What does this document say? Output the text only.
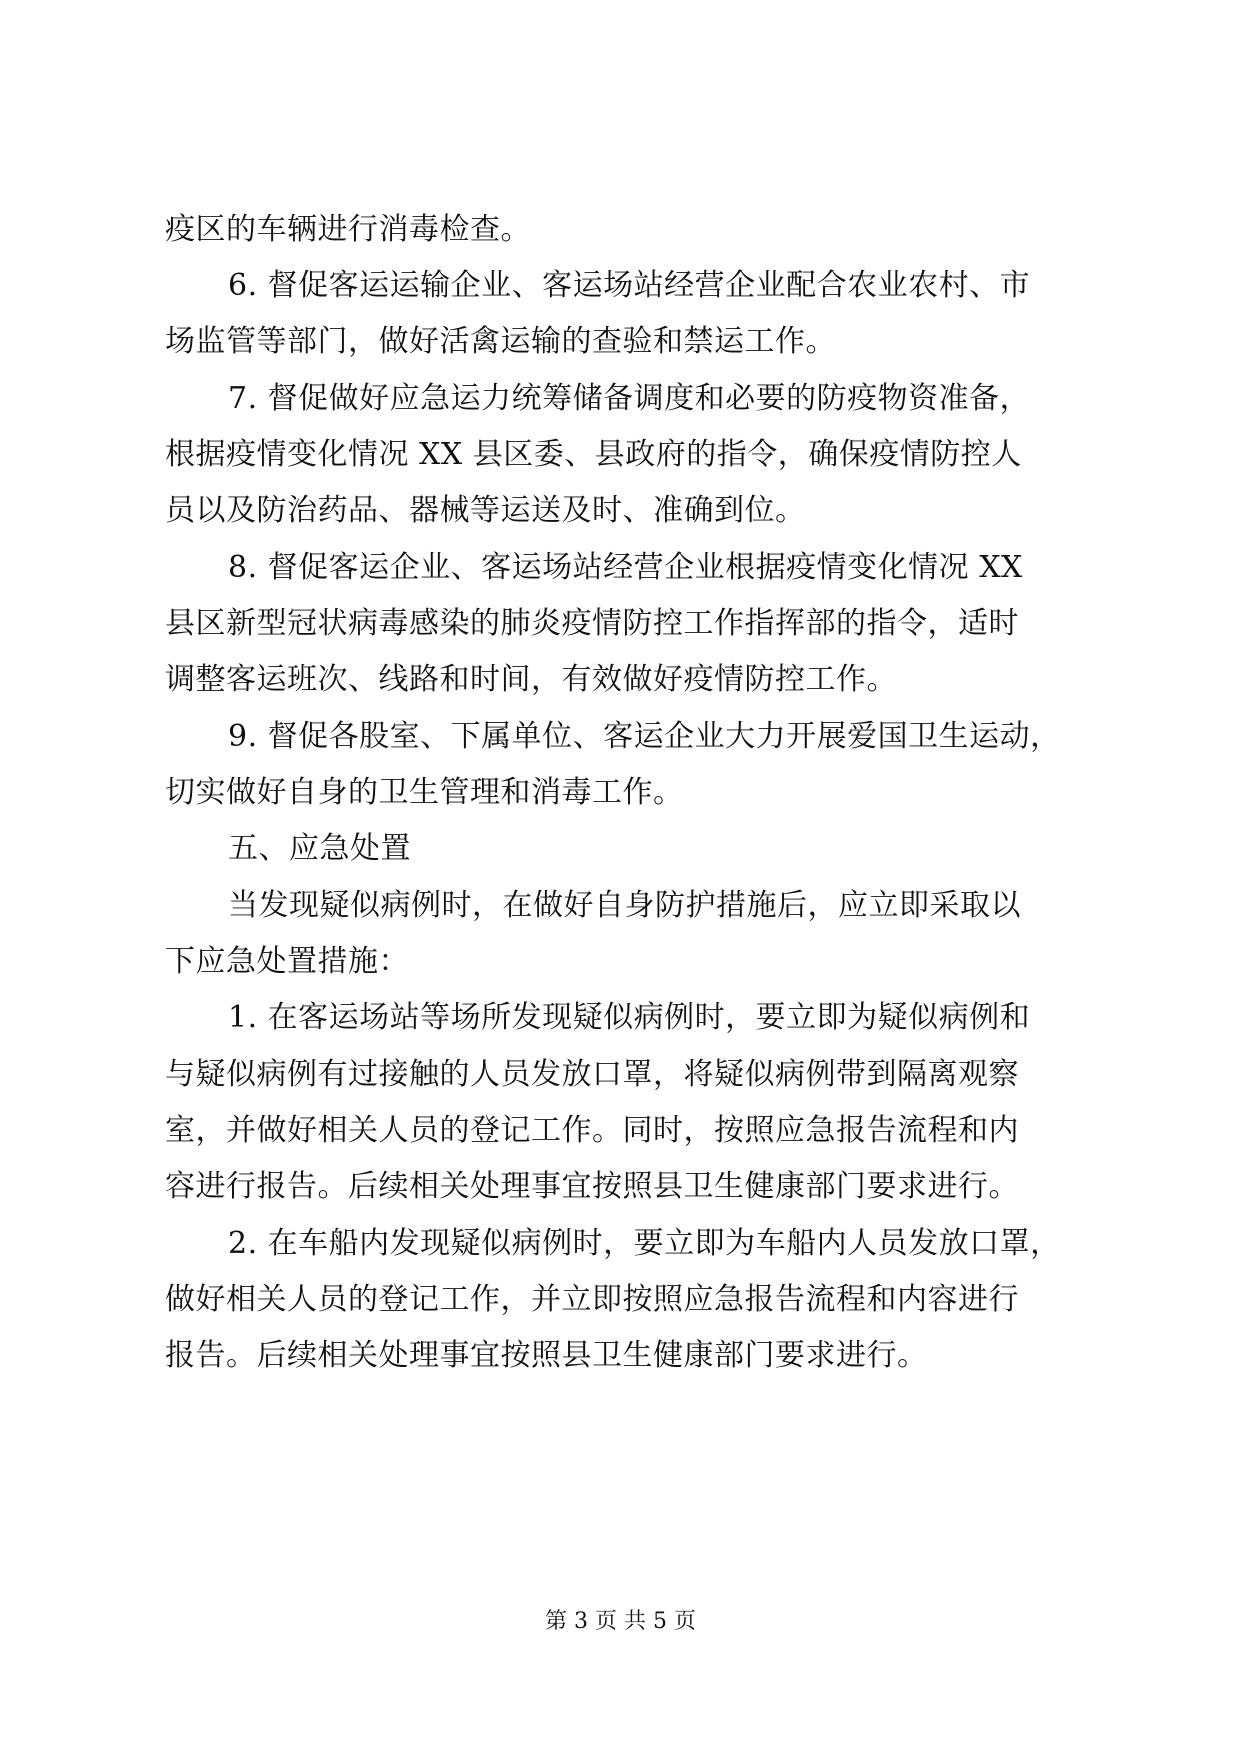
疫区的车辆进行消毒检查。
6. 督促客运运输企业、客运场站经营企业配合农业农村、市
场监管等部门，做好活禽运输的查验和禁运工作。
7. 督促做好应急运力统筹储备调度和必要的防疫物资准备，
根据疫情变化情况 XX 县区委、县政府的指令，确保疫情防控人
员以及防治药品、器械等运送及时、准确到位。
8. 督促客运企业、客运场站经营企业根据疫情变化情况 XX
县区新型冠状病毒感染的肺炎疫情防控工作指挥部的指令，适时
调整客运班次、线路和时间，有效做好疫情防控工作。
9. 督促各股室、下属单位、客运企业大力开展爱国卫生运动，
切实做好自身的卫生管理和消毒工作。
五、应急处置
当发现疑似病例时，在做好自身防护措施后，应立即采取以
下应急处置措施：
1. 在客运场站等场所发现疑似病例时，要立即为疑似病例和
与疑似病例有过接触的人员发放口罩，将疑似病例带到隔离观察
室，并做好相关人员的登记工作。同时，按照应急报告流程和内
容进行报告。后续相关处理事宜按照县卫生健康部门要求进行。
2. 在车船内发现疑似病例时，要立即为车船内人员发放口罩，
做好相关人员的登记工作，并立即按照应急报告流程和内容进行
报告。后续相关处理事宜按照县卫生健康部门要求进行。
第 3 页 共 5 页
